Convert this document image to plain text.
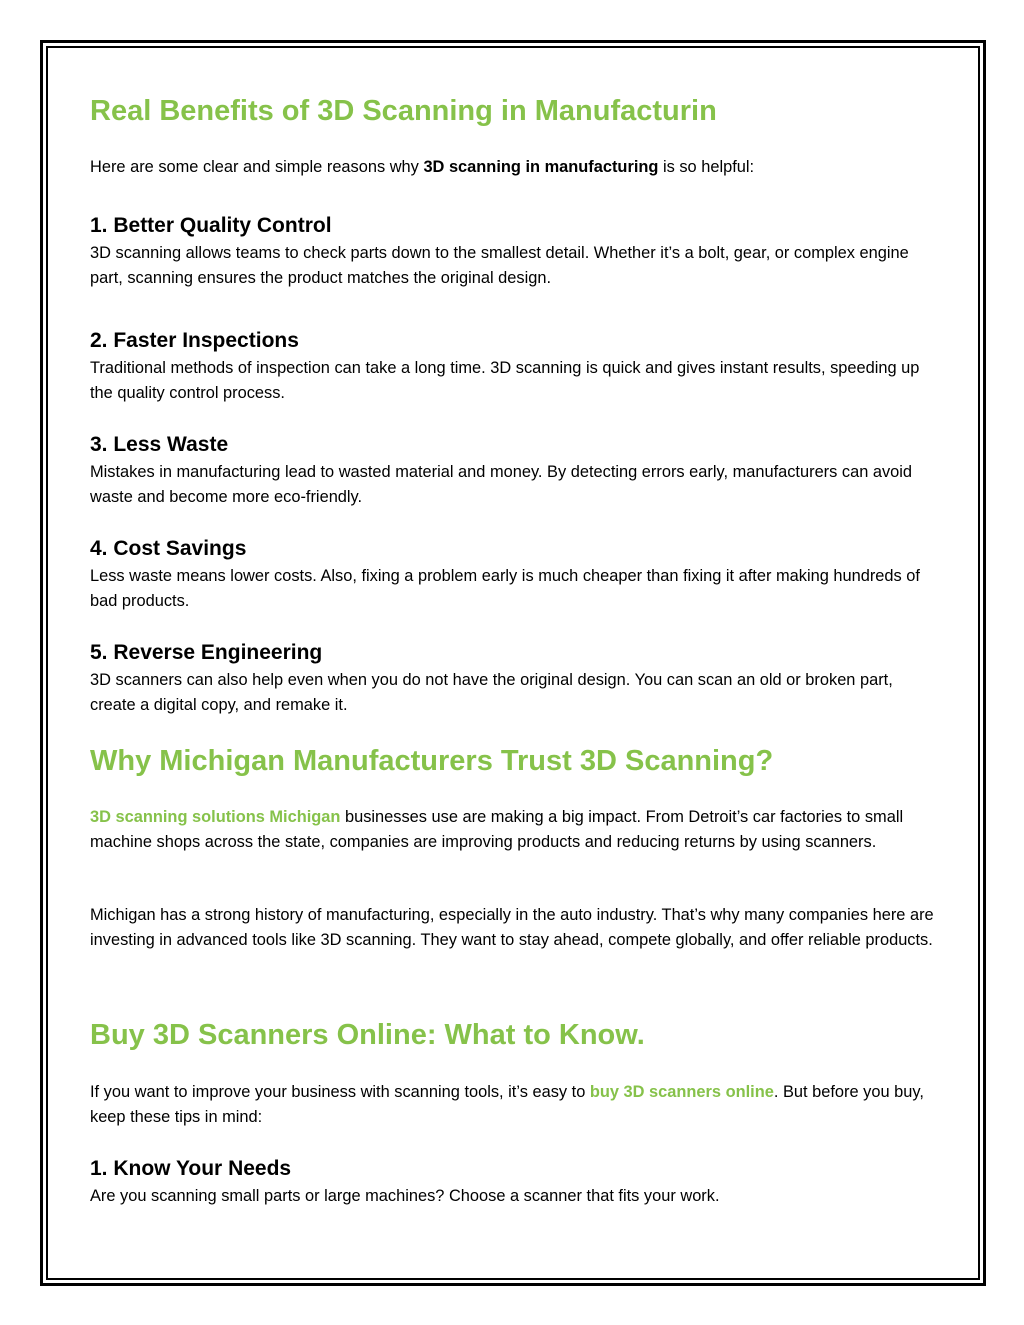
Real Benefits of 3D Scanning in Manufacturin

Here are some clear and simple reasons why 3D scanning in manufacturing is so helpful:

1. Better Quality Control

3D scanning allows teams to check parts down to the smallest detail. Whether it’s a bolt, gear, or complex engine part, scanning ensures the product matches the original design.

2. Faster Inspections

Traditional methods of inspection can take a long time. 3D scanning is quick and gives instant results, speeding up the quality control process.

3. Less Waste

Mistakes in manufacturing lead to wasted material and money. By detecting errors early, manufacturers can avoid waste and become more eco-friendly.

4. Cost Savings

Less waste means lower costs. Also, fixing a problem early is much cheaper than fixing it after making hundreds of bad products.

5. Reverse Engineering

3D scanners can also help even when you do not have the original design. You can scan an old or broken part, create a digital copy, and remake it.

Why Michigan Manufacturers Trust 3D Scanning?

3D scanning solutions Michigan businesses use are making a big impact. From Detroit’s car factories to small machine shops across the state, companies are improving products and reducing returns by using scanners.

Michigan has a strong history of manufacturing, especially in the auto industry. That’s why many companies here are investing in advanced tools like 3D scanning. They want to stay ahead, compete globally, and offer reliable products.

Buy 3D Scanners Online: What to Know.

If you want to improve your business with scanning tools, it’s easy to buy 3D scanners online. But before you buy, keep these tips in mind:

1. Know Your Needs

Are you scanning small parts or large machines? Choose a scanner that fits your work.
